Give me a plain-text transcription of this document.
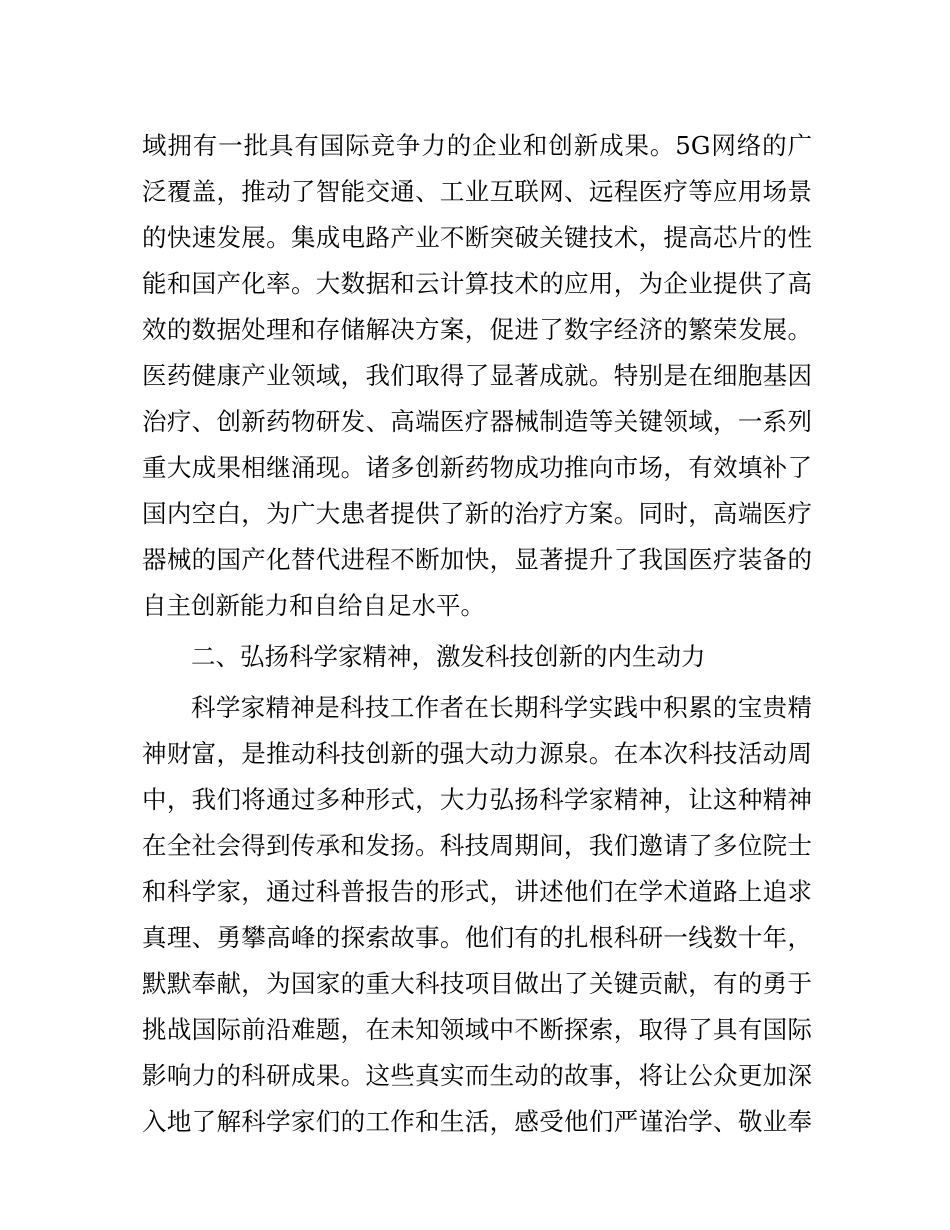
域拥有一批具有国际竞争力的企业和创新成果。5G网络的广
泛覆盖，推动了智能交通、工业互联网、远程医疗等应用场景
的快速发展。集成电路产业不断突破关键技术，提高芯片的性
能和国产化率。大数据和云计算技术的应用，为企业提供了高
效的数据处理和存储解决方案，促进了数字经济的繁荣发展。
医药健康产业领域，我们取得了显著成就。特别是在细胞基因
治疗、创新药物研发、高端医疗器械制造等关键领域，一系列
重大成果相继涌现。诸多创新药物成功推向市场，有效填补了
国内空白，为广大患者提供了新的治疗方案。同时，高端医疗
器械的国产化替代进程不断加快，显著提升了我国医疗装备的
自主创新能力和自给自足水平。
二、弘扬科学家精神，激发科技创新的内生动力
科学家精神是科技工作者在长期科学实践中积累的宝贵精
神财富，是推动科技创新的强大动力源泉。在本次科技活动周
中，我们将通过多种形式，大力弘扬科学家精神，让这种精神
在全社会得到传承和发扬。科技周期间，我们邀请了多位院士
和科学家，通过科普报告的形式，讲述他们在学术道路上追求
真理、勇攀高峰的探索故事。他们有的扎根科研一线数十年，
默默奉献，为国家的重大科技项目做出了关键贡献，有的勇于
挑战国际前沿难题，在未知领域中不断探索，取得了具有国际
影响力的科研成果。这些真实而生动的故事，将让公众更加深
入地了解科学家们的工作和生活，感受他们严谨治学、敬业奉
